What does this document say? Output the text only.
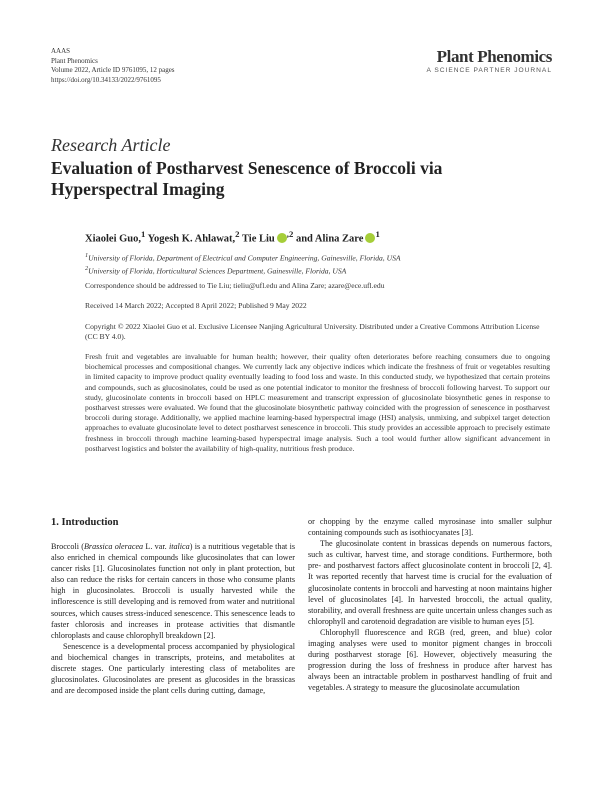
AAAS
Plant Phenomics
Volume 2022, Article ID 9761095, 12 pages
https://doi.org/10.34133/2022/9761095
Plant Phenomics
A SCIENCE PARTNER JOURNAL
Research Article
Evaluation of Postharvest Senescence of Broccoli via Hyperspectral Imaging
Xiaolei Guo,$^1$ Yogesh K. Ahlawat,$^2$ Tie Liu $^{,2}$ and Alina Zare $^1$
$^1$University of Florida, Department of Electrical and Computer Engineering, Gainesville, Florida, USA
$^2$University of Florida, Horticultural Sciences Department, Gainesville, Florida, USA
Correspondence should be addressed to Tie Liu; tieliu@ufl.edu and Alina Zare; azare@ece.ufl.edu
Received 14 March 2022; Accepted 8 April 2022; Published 9 May 2022
Copyright © 2022 Xiaolei Guo et al. Exclusive Licensee Nanjing Agricultural University. Distributed under a Creative Commons Attribution License (CC BY 4.0).
Fresh fruit and vegetables are invaluable for human health; however, their quality often deteriorates before reaching consumers due to ongoing biochemical processes and compositional changes. We currently lack any objective indices which indicate the freshness of fruit or vegetables resulting in limited capacity to improve product quality eventually leading to food loss and waste. In this conducted study, we hypothesized that certain proteins and compounds, such as glucosinolates, could be used as one potential indicator to monitor the freshness of broccoli following harvest. To support our study, glucosinolate contents in broccoli based on HPLC measurement and transcript expression of glucosinolate biosynthetic genes in response to postharvest stresses were evaluated. We found that the glucosinolate biosynthetic pathway coincided with the progression of senescence in postharvest broccoli during storage. Additionally, we applied machine learning-based hyperspectral image (HSI) analysis, unmixing, and subpixel target detection approaches to evaluate glucosinolate level to detect postharvest senescence in broccoli. This study provides an accessible approach to precisely estimate freshness in broccoli through machine learning-based hyperspectral image analysis. Such a tool would further allow significant advancement in postharvest logistics and bolster the availability of high-quality, nutritious fresh produce.
1. Introduction

Broccoli (Brassica oleracea L. var. italica) is a nutritious vegetable that is also enriched in chemical compounds like glucosinolates that can lower cancer risks [1]. Glucosinolates function not only in plant protection, but also can reduce the risks for certain cancers in those who consume plants high in glucosinolates. Broccoli is usually harvested while the inflorescence is still developing and is removed from water and nutritional sources, which causes stress-induced senescence. This senescence leads to faster chlorosis and increases in protease activities that dismantle chloroplasts and cause chlorophyll breakdown [2].

Senescence is a developmental process accompanied by physiological and biochemical changes in transcripts, proteins, and metabolites at discrete stages. One particularly interesting class of metabolites are glucosinolates. Glucosinolates are present as glucosides in the brassicas and are decomposed inside the plant cells during cutting, damage,

or chopping by the enzyme called myrosinase into smaller sulphur containing compounds such as isothiocyanates [3].

The glucosinolate content in brassicas depends on numerous factors, such as cultivar, harvest time, and storage conditions. Furthermore, both pre- and postharvest factors affect glucosinolate content in broccoli [2, 4]. It was reported recently that harvest time is crucial for the evaluation of glucosinolate contents in broccoli and harvesting at noon maintains higher level of glucosinolates [4]. In harvested broccoli, the actual quality, storability, and overall freshness are quite uncertain unless changes such as chlorophyll and carotenoid degradation are visible to human eyes [5].

Chlorophyll fluorescence and RGB (red, green, and blue) color imaging analyses were used to monitor pigment changes in broccoli during postharvest storage [6]. However, objectively measuring the progression during the loss of freshness in produce after harvest has always been an intractable problem in postharvest handling of fruit and vegetables. A strategy to measure the glucosinolate accumulation
